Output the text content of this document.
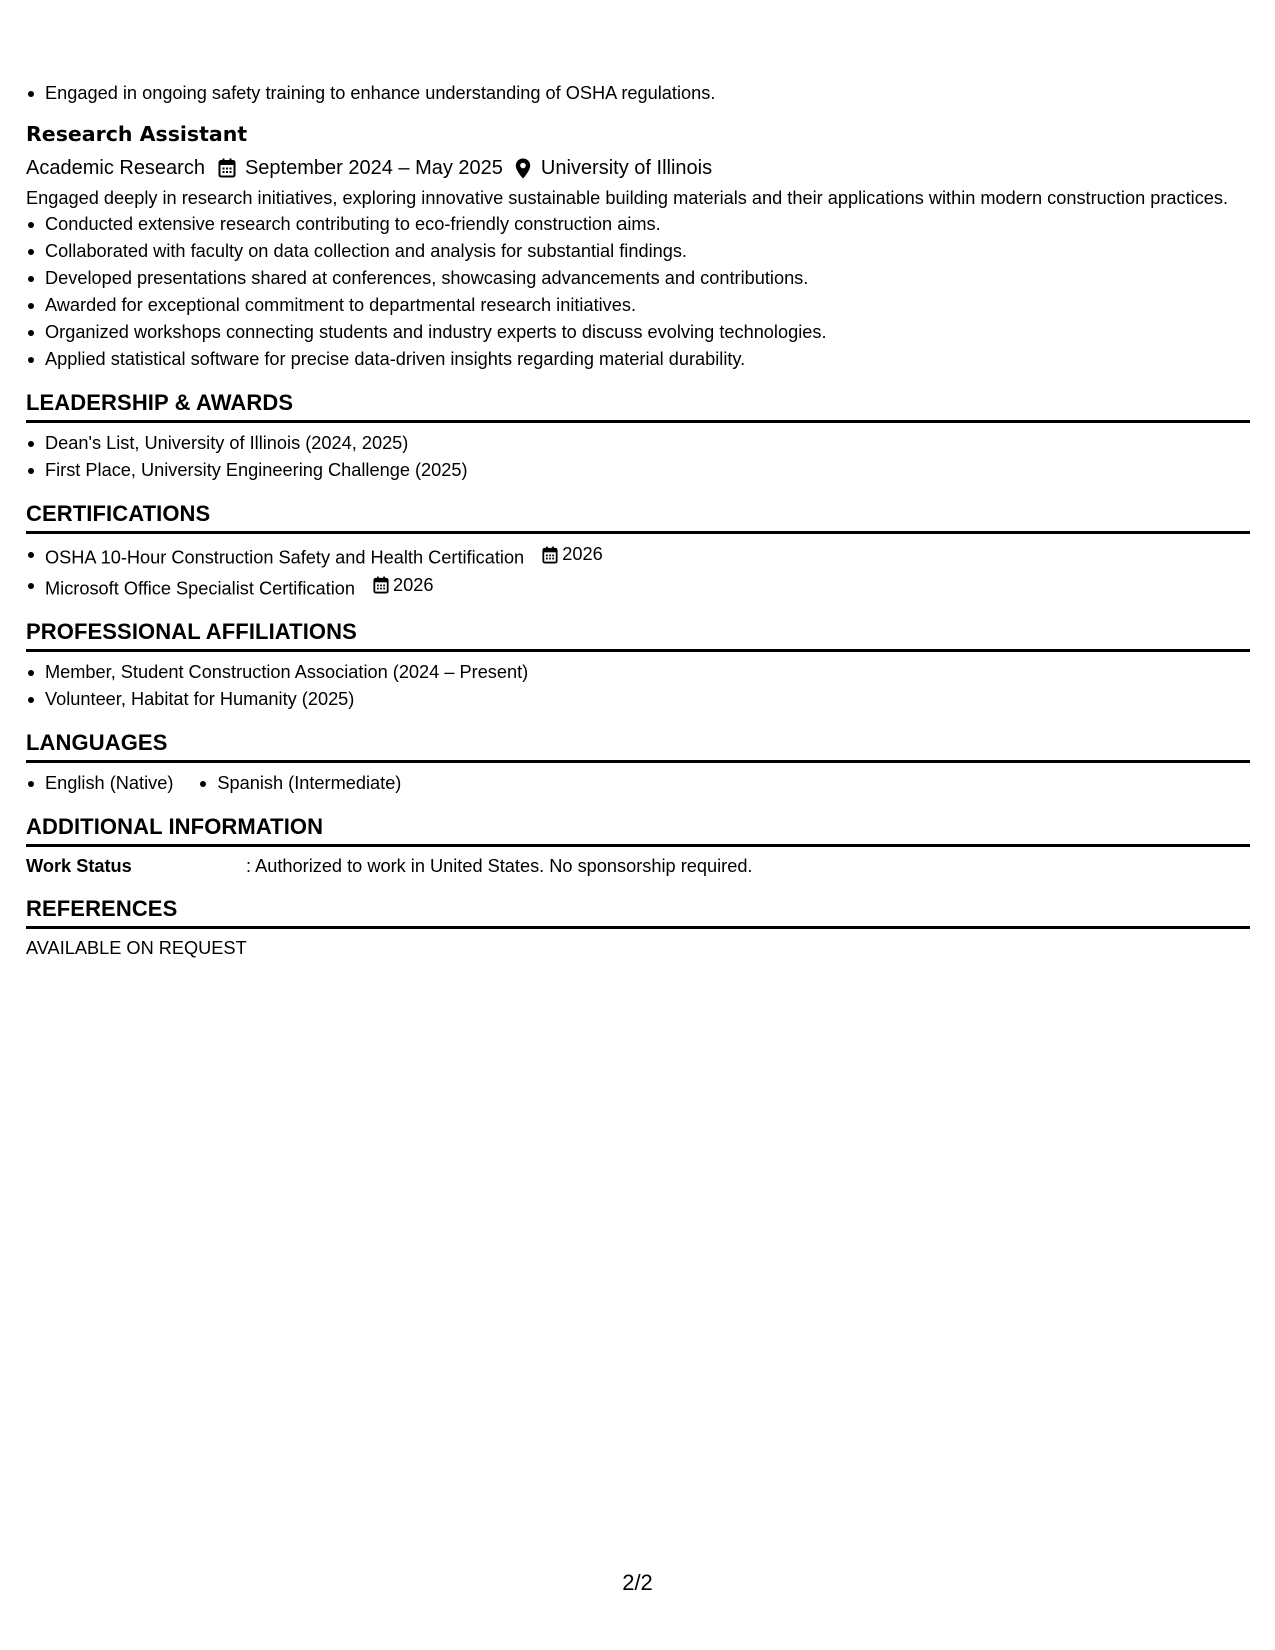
Engaged in ongoing safety training to enhance understanding of OSHA regulations.
Research Assistant
Academic Research September 2024 – May 2025 University of Illinois

Engaged deeply in research initiatives, exploring innovative sustainable building materials and their applications within modern construction practices.

Conducted extensive research contributing to eco-friendly construction aims.
Collaborated with faculty on data collection and analysis for substantial findings.
Developed presentations shared at conferences, showcasing advancements and contributions.
Awarded for exceptional commitment to departmental research initiatives.
Organized workshops connecting students and industry experts to discuss evolving technologies.
Applied statistical software for precise data-driven insights regarding material durability.
LEADERSHIP & AWARDS
Dean's List, University of Illinois (2024, 2025)
First Place, University Engineering Challenge (2025)
CERTIFICATIONS
OSHA 10-Hour Construction Safety and Health Certification 2026
Microsoft Office Specialist Certification 2026
PROFESSIONAL AFFILIATIONS
Member, Student Construction Association (2024 – Present)
Volunteer, Habitat for Humanity (2025)
LANGUAGES
English (Native)	Spanish (Intermediate)
ADDITIONAL INFORMATION
Work Status	: Authorized to work in United States. No sponsorship required.
REFERENCES
AVAILABLE ON REQUEST
2/2
